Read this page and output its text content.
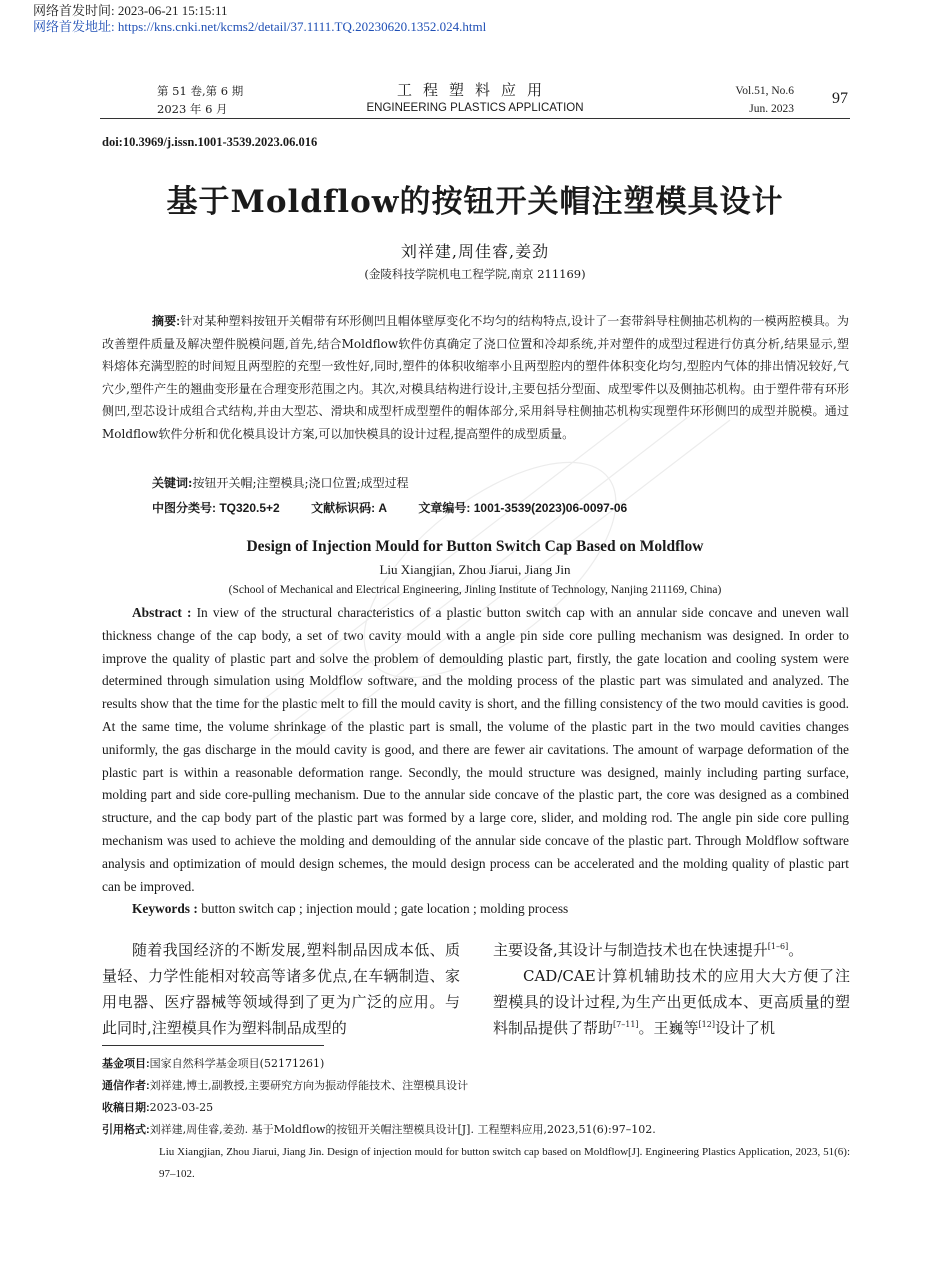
网络首发时间: 2023-06-21 15:15:11
网络首发地址: https://kns.cnki.net/kcms2/detail/37.1111.TQ.20230620.1352.024.html
第 51 卷,第 6 期
2023 年 6 月
工程塑料应用
ENGINEERING PLASTICS APPLICATION
Vol.51, No.6
Jun. 2023
97
doi:10.3969/j.issn.1001-3539.2023.06.016
基于Moldflow的按钮开关帽注塑模具设计
刘祥建,周佳睿,姜劲
(金陵科技学院机电工程学院,南京 211169)
摘要:针对某种塑料按钮开关帽带有环形侧凹且帽体壁厚变化不均匀的结构特点,设计了一套带斜导柱侧抽芯机构的一模两腔模具。为改善塑件质量及解决塑件脱模问题,首先,结合Moldflow软件仿真确定了浇口位置和冷却系统,并对塑件的成型过程进行仿真分析,结果显示,塑料熔体充满型腔的时间短且两型腔的充型一致性好,同时,塑件的体积收缩率小且两型腔内的塑件体积变化均匀,型腔内气体的排出情况较好,气穴少,塑件产生的翘曲变形量在合理变形范围之内。其次,对模具结构进行设计,主要包括分型面、成型零件以及侧抽芯机构。由于塑件带有环形侧凹,型芯设计成组合式结构,并由大型芯、滑块和成型杆成型塑件的帽体部分,采用斜导柱侧抽芯机构实现塑件环形侧凹的成型并脱模。通过Moldflow软件分析和优化模具设计方案,可以加快模具的设计过程,提高塑件的成型质量。
关键词:按钮开关帽;注塑模具;浇口位置;成型过程
中图分类号: TQ320.5+2	文献标识码: A	文章编号: 1001-3539(2023)06-0097-06
Design of Injection Mould for Button Switch Cap Based on Moldflow
Liu Xiangjian, Zhou Jiarui, Jiang Jin
(School of Mechanical and Electrical Engineering, Jinling Institute of Technology, Nanjing 211169, China)
Abstract : In view of the structural characteristics of a plastic button switch cap with an annular side concave and uneven wall thickness change of the cap body, a set of two cavity mould with a angle pin side core pulling mechanism was designed. In order to improve the quality of plastic part and solve the problem of demoulding plastic part, firstly, the gate location and cooling system were determined through simulation using Moldflow software, and the molding process of the plastic part was simulated and analyzed. The results show that the time for the plastic melt to fill the mould cavity is short, and the filling consistency of the two mould cavities is good. At the same time, the volume shrinkage of the plastic part is small, the volume of the plastic part in the two mould cavities changes uniformly, the gas discharge in the mould cavity is good, and there are fewer air cavitations. The amount of warpage deformation of the plastic part is within a reasonable deformation range. Secondly, the mould structure was designed, mainly including parting surface, molding part and side core-pulling mechanism. Due to the annular side concave of the plastic part, the core was designed as a combined structure, and the cap body part of the plastic part was formed by a large core, slider, and molding rod. The angle pin side core pulling mechanism was used to achieve the molding and demoulding of the annular side concave of the plastic part. Through Moldflow software analysis and optimization of mould design schemes, the mould design process can be accelerated and the molding quality of plastic part can be improved.
Keywords : button switch cap ; injection mould ; gate location ; molding process
随着我国经济的不断发展,塑料制品因成本低、质量轻、力学性能相对较高等诸多优点,在车辆制造、家用电器、医疗器械等领域得到了更为广泛的应用。与此同时,注塑模具作为塑料制品成型的

主要设备,其设计与制造技术也在快速提升[1–6]。

CAD/CAE计算机辅助技术的应用大大方便了注塑模具的设计过程,为生产出更低成本、更高质量的塑料制品提供了帮助[7–11]。王巍等[12]设计了机

基金项目:国家自然科学基金项目(52171261)
通信作者:刘祥建,博士,副教授,主要研究方向为振动俘能技术、注塑模具设计
收稿日期:2023-03-25
引用格式:刘祥建,周佳睿,姜劲. 基于Moldflow的按钮开关帽注塑模具设计[J]. 工程塑料应用,2023,51(6):97–102.
Liu Xiangjian, Zhou Jiarui, Jiang Jin. Design of injection mould for button switch cap based on Moldflow[J]. Engineering Plastics Application, 2023, 51(6): 97–102.
